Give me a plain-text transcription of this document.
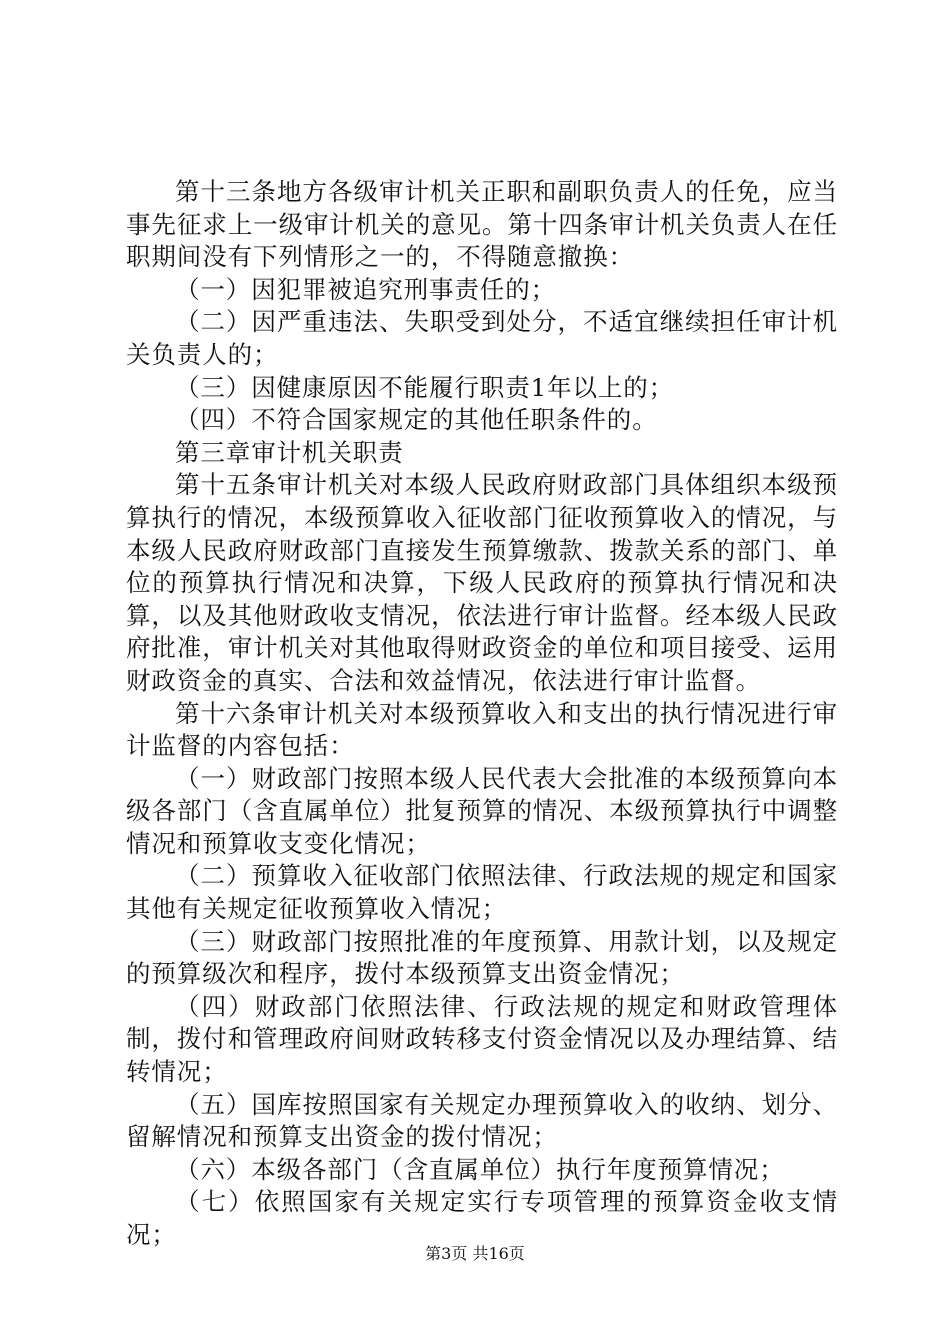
第十三条地方各级审计机关正职和副职负责人的任免，应当事先征求上一级审计机关的意见。第十四条审计机关负责人在任职期间没有下列情形之一的，不得随意撤换：

（一）因犯罪被追究刑事责任的；

（二）因严重违法、失职受到处分，不适宜继续担任审计机关负责人的；

（三）因健康原因不能履行职责1年以上的；

（四）不符合国家规定的其他任职条件的。

第三章审计机关职责

第十五条审计机关对本级人民政府财政部门具体组织本级预算执行的情况，本级预算收入征收部门征收预算收入的情况，与本级人民政府财政部门直接发生预算缴款、拨款关系的部门、单位的预算执行情况和决算，下级人民政府的预算执行情况和决算，以及其他财政收支情况，依法进行审计监督。经本级人民政府批准，审计机关对其他取得财政资金的单位和项目接受、运用财政资金的真实、合法和效益情况，依法进行审计监督。

第十六条审计机关对本级预算收入和支出的执行情况进行审计监督的内容包括：

（一）财政部门按照本级人民代表大会批准的本级预算向本级各部门（含直属单位）批复预算的情况、本级预算执行中调整情况和预算收支变化情况；

（二）预算收入征收部门依照法律、行政法规的规定和国家其他有关规定征收预算收入情况；

（三）财政部门按照批准的年度预算、用款计划，以及规定的预算级次和程序，拨付本级预算支出资金情况；

（四）财政部门依照法律、行政法规的规定和财政管理体制，拨付和管理政府间财政转移支付资金情况以及办理结算、结转情况；

（五）国库按照国家有关规定办理预算收入的收纳、划分、留解情况和预算支出资金的拨付情况；

（六）本级各部门（含直属单位）执行年度预算情况；

（七）依照国家有关规定实行专项管理的预算资金收支情况；

第3页 共16页
